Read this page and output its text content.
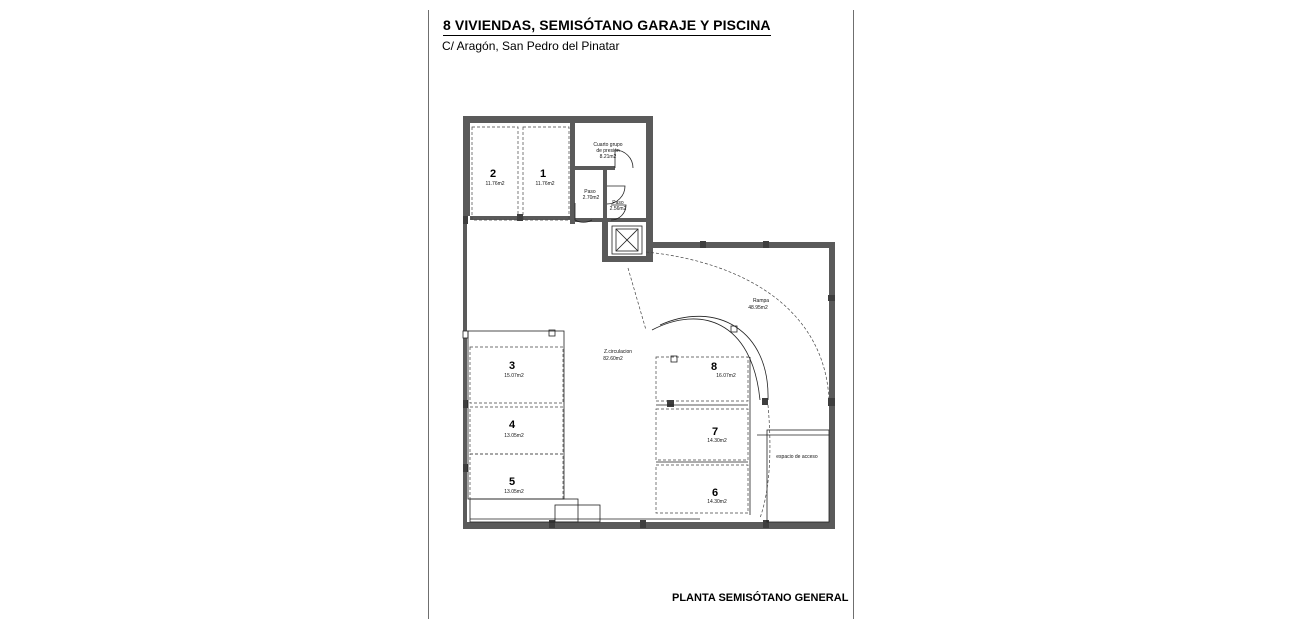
8 VIVIENDAS, SEMISÓTANO GARAJE Y PISCINA
C/ Aragón, San Pedro del Pinatar
2
11.76m2
1
11.76m2
3
15.07m2
4
13.05m2
5
13.05m2
8
16.07m2
7
14.30m2
6
14.30m2
Cuarto grupo
de presión
8.21m2
Paso
2.70m2
Paso
2.56m2
Rampa
48.95m2
Z.circulacion
82.60m2
espacio de acceso
PLANTA SEMISÓTANO GENERAL
